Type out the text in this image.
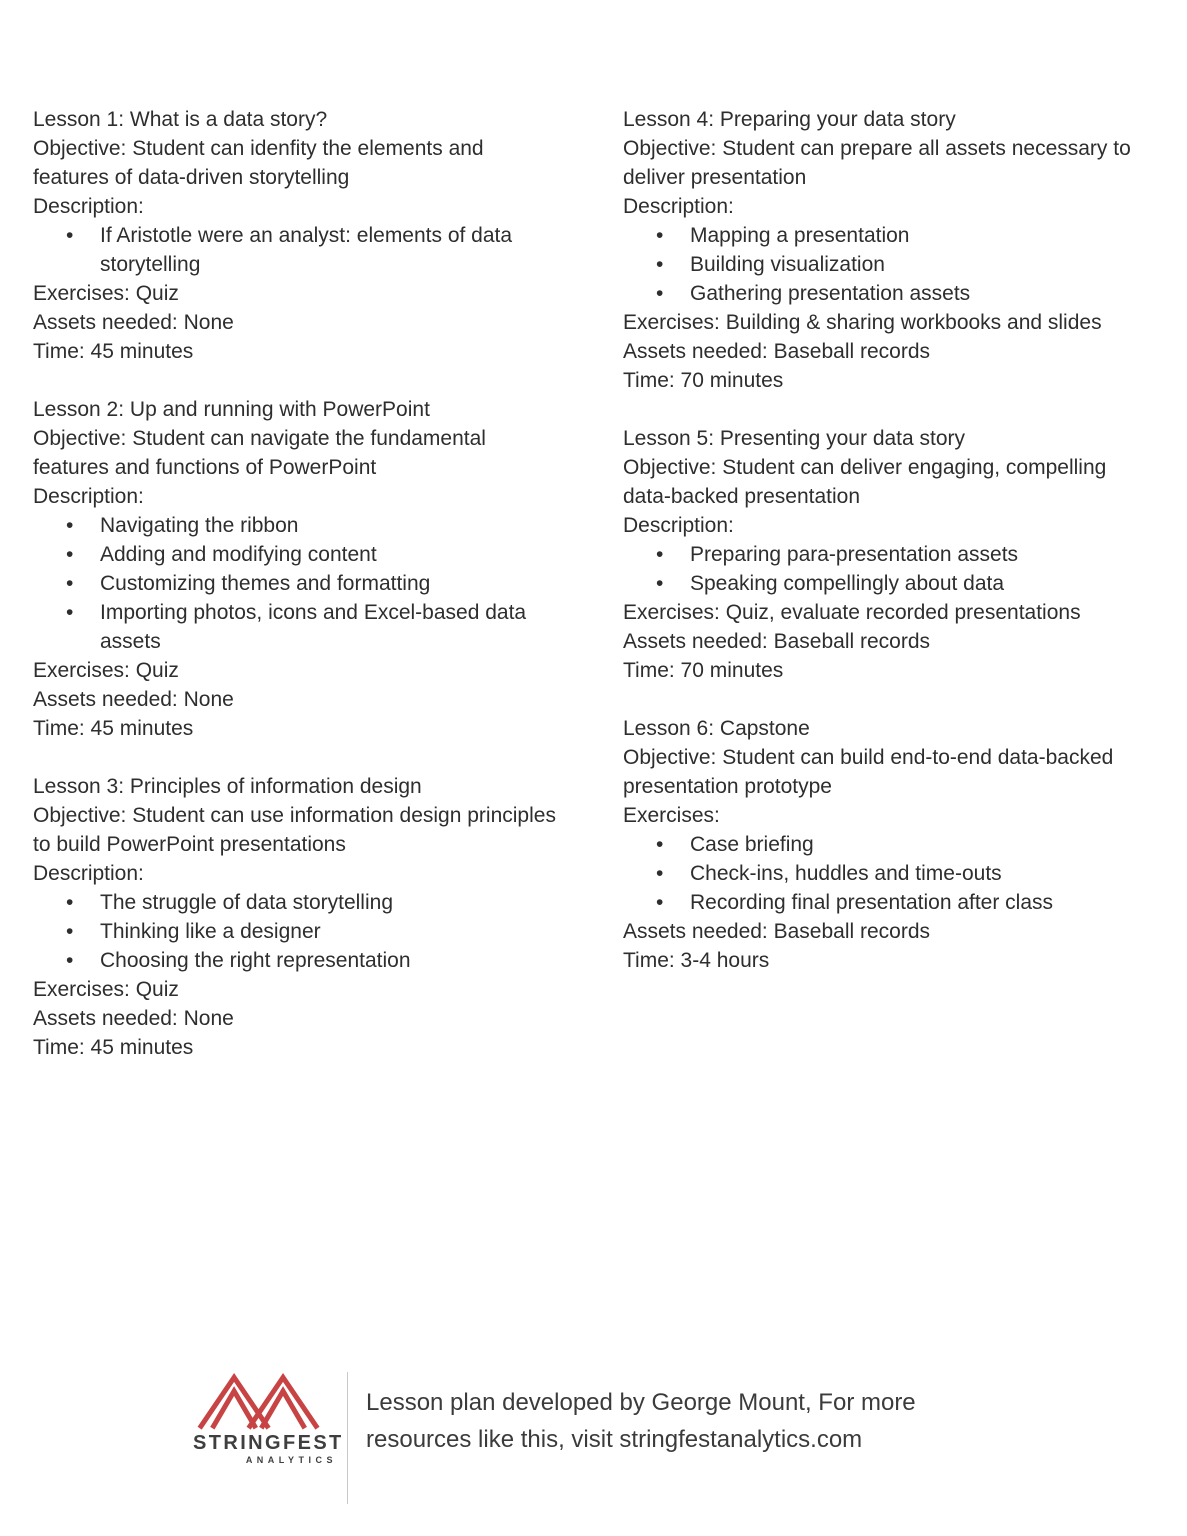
Lesson 1: What is a data story?
Objective: Student can idenfity the elements and features of data-driven storytelling
Description:
• If Aristotle were an analyst: elements of data storytelling
Exercises: Quiz
Assets needed: None
Time: 45 minutes
Lesson 2: Up and running with PowerPoint
Objective: Student can navigate the fundamental features and functions of PowerPoint
Description:
• Navigating the ribbon
• Adding and modifying content
• Customizing themes and formatting
• Importing photos, icons and Excel-based data assets
Exercises: Quiz
Assets needed: None
Time: 45 minutes
Lesson 3: Principles of information design
Objective: Student can use information design principles to build PowerPoint presentations
Description:
• The struggle of data storytelling
• Thinking like a designer
• Choosing the right representation
Exercises: Quiz
Assets needed: None
Time: 45 minutes
Lesson 4: Preparing your data story
Objective: Student can prepare all assets necessary to deliver presentation
Description:
• Mapping a presentation
• Building visualization
• Gathering presentation assets
Exercises: Building & sharing workbooks and slides
Assets needed: Baseball records
Time: 70 minutes
Lesson 5: Presenting your data story
Objective: Student can deliver engaging, compelling data-backed presentation
Description:
• Preparing para-presentation assets
• Speaking compellingly about data
Exercises: Quiz, evaluate recorded presentations
Assets needed: Baseball records
Time: 70 minutes
Lesson 6: Capstone
Objective: Student can build end-to-end data-backed presentation prototype
Exercises:
• Case briefing
• Check-ins, huddles and time-outs
• Recording final presentation after class
Assets needed: Baseball records
Time: 3-4 hours
STRINGFEST
ANALYTICS
Lesson plan developed by George Mount, For more
resources like this, visit stringfestanalytics.com
